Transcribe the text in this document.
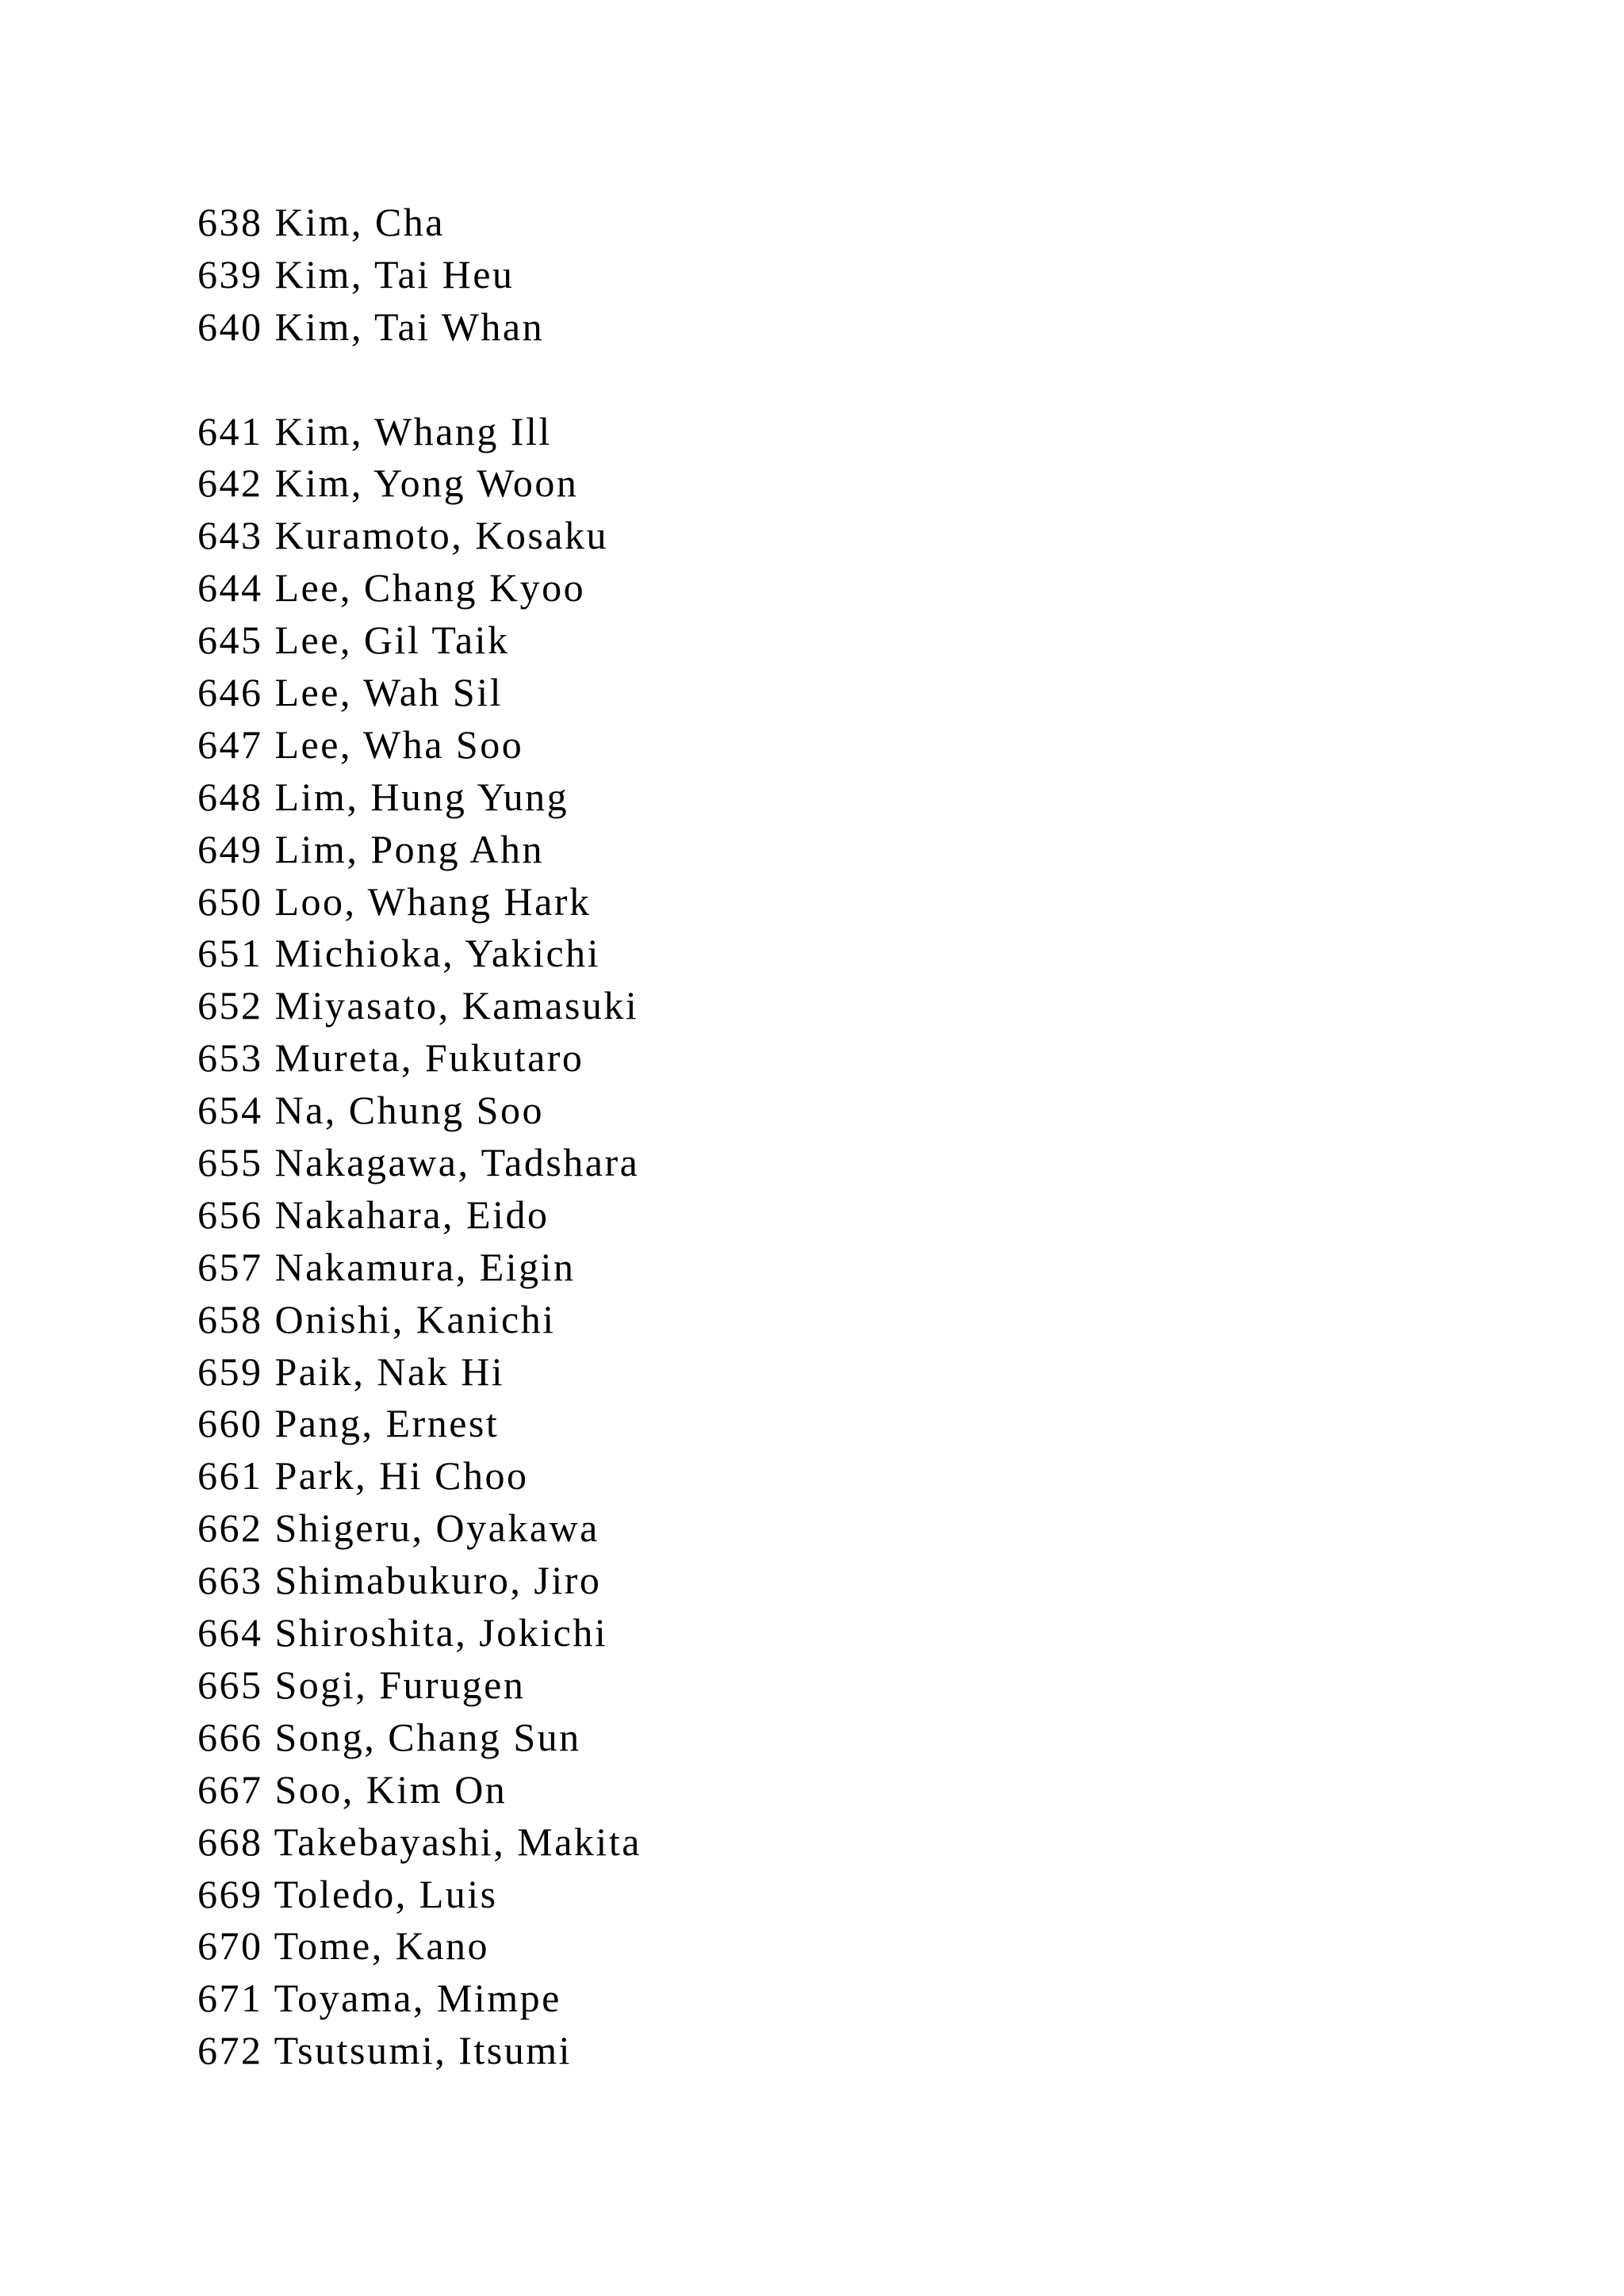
638 Kim, Cha
639 Kim, Tai Heu
640 Kim, Tai Whan
641 Kim, Whang Ill
642 Kim, Yong Woon
643 Kuramoto, Kosaku
644 Lee, Chang Kyoo
645 Lee, Gil Taik
646 Lee, Wah Sil
647 Lee, Wha Soo
648 Lim, Hung Yung
649 Lim, Pong Ahn
650 Loo, Whang Hark
651 Michioka, Yakichi
652 Miyasato, Kamasuki
653 Mureta, Fukutaro
654 Na, Chung Soo
655 Nakagawa, Tadshara
656 Nakahara, Eido
657 Nakamura, Eigin
658 Onishi, Kanichi
659 Paik, Nak Hi
660 Pang, Ernest
661 Park, Hi Choo
662 Shigeru, Oyakawa
663 Shimabukuro, Jiro
664 Shiroshita, Jokichi
665 Sogi, Furugen
666 Song, Chang Sun
667 Soo, Kim On
668 Takebayashi, Makita
669 Toledo, Luis
670 Tome, Kano
671 Toyama, Mimpe
672 Tsutsumi, Itsumi
